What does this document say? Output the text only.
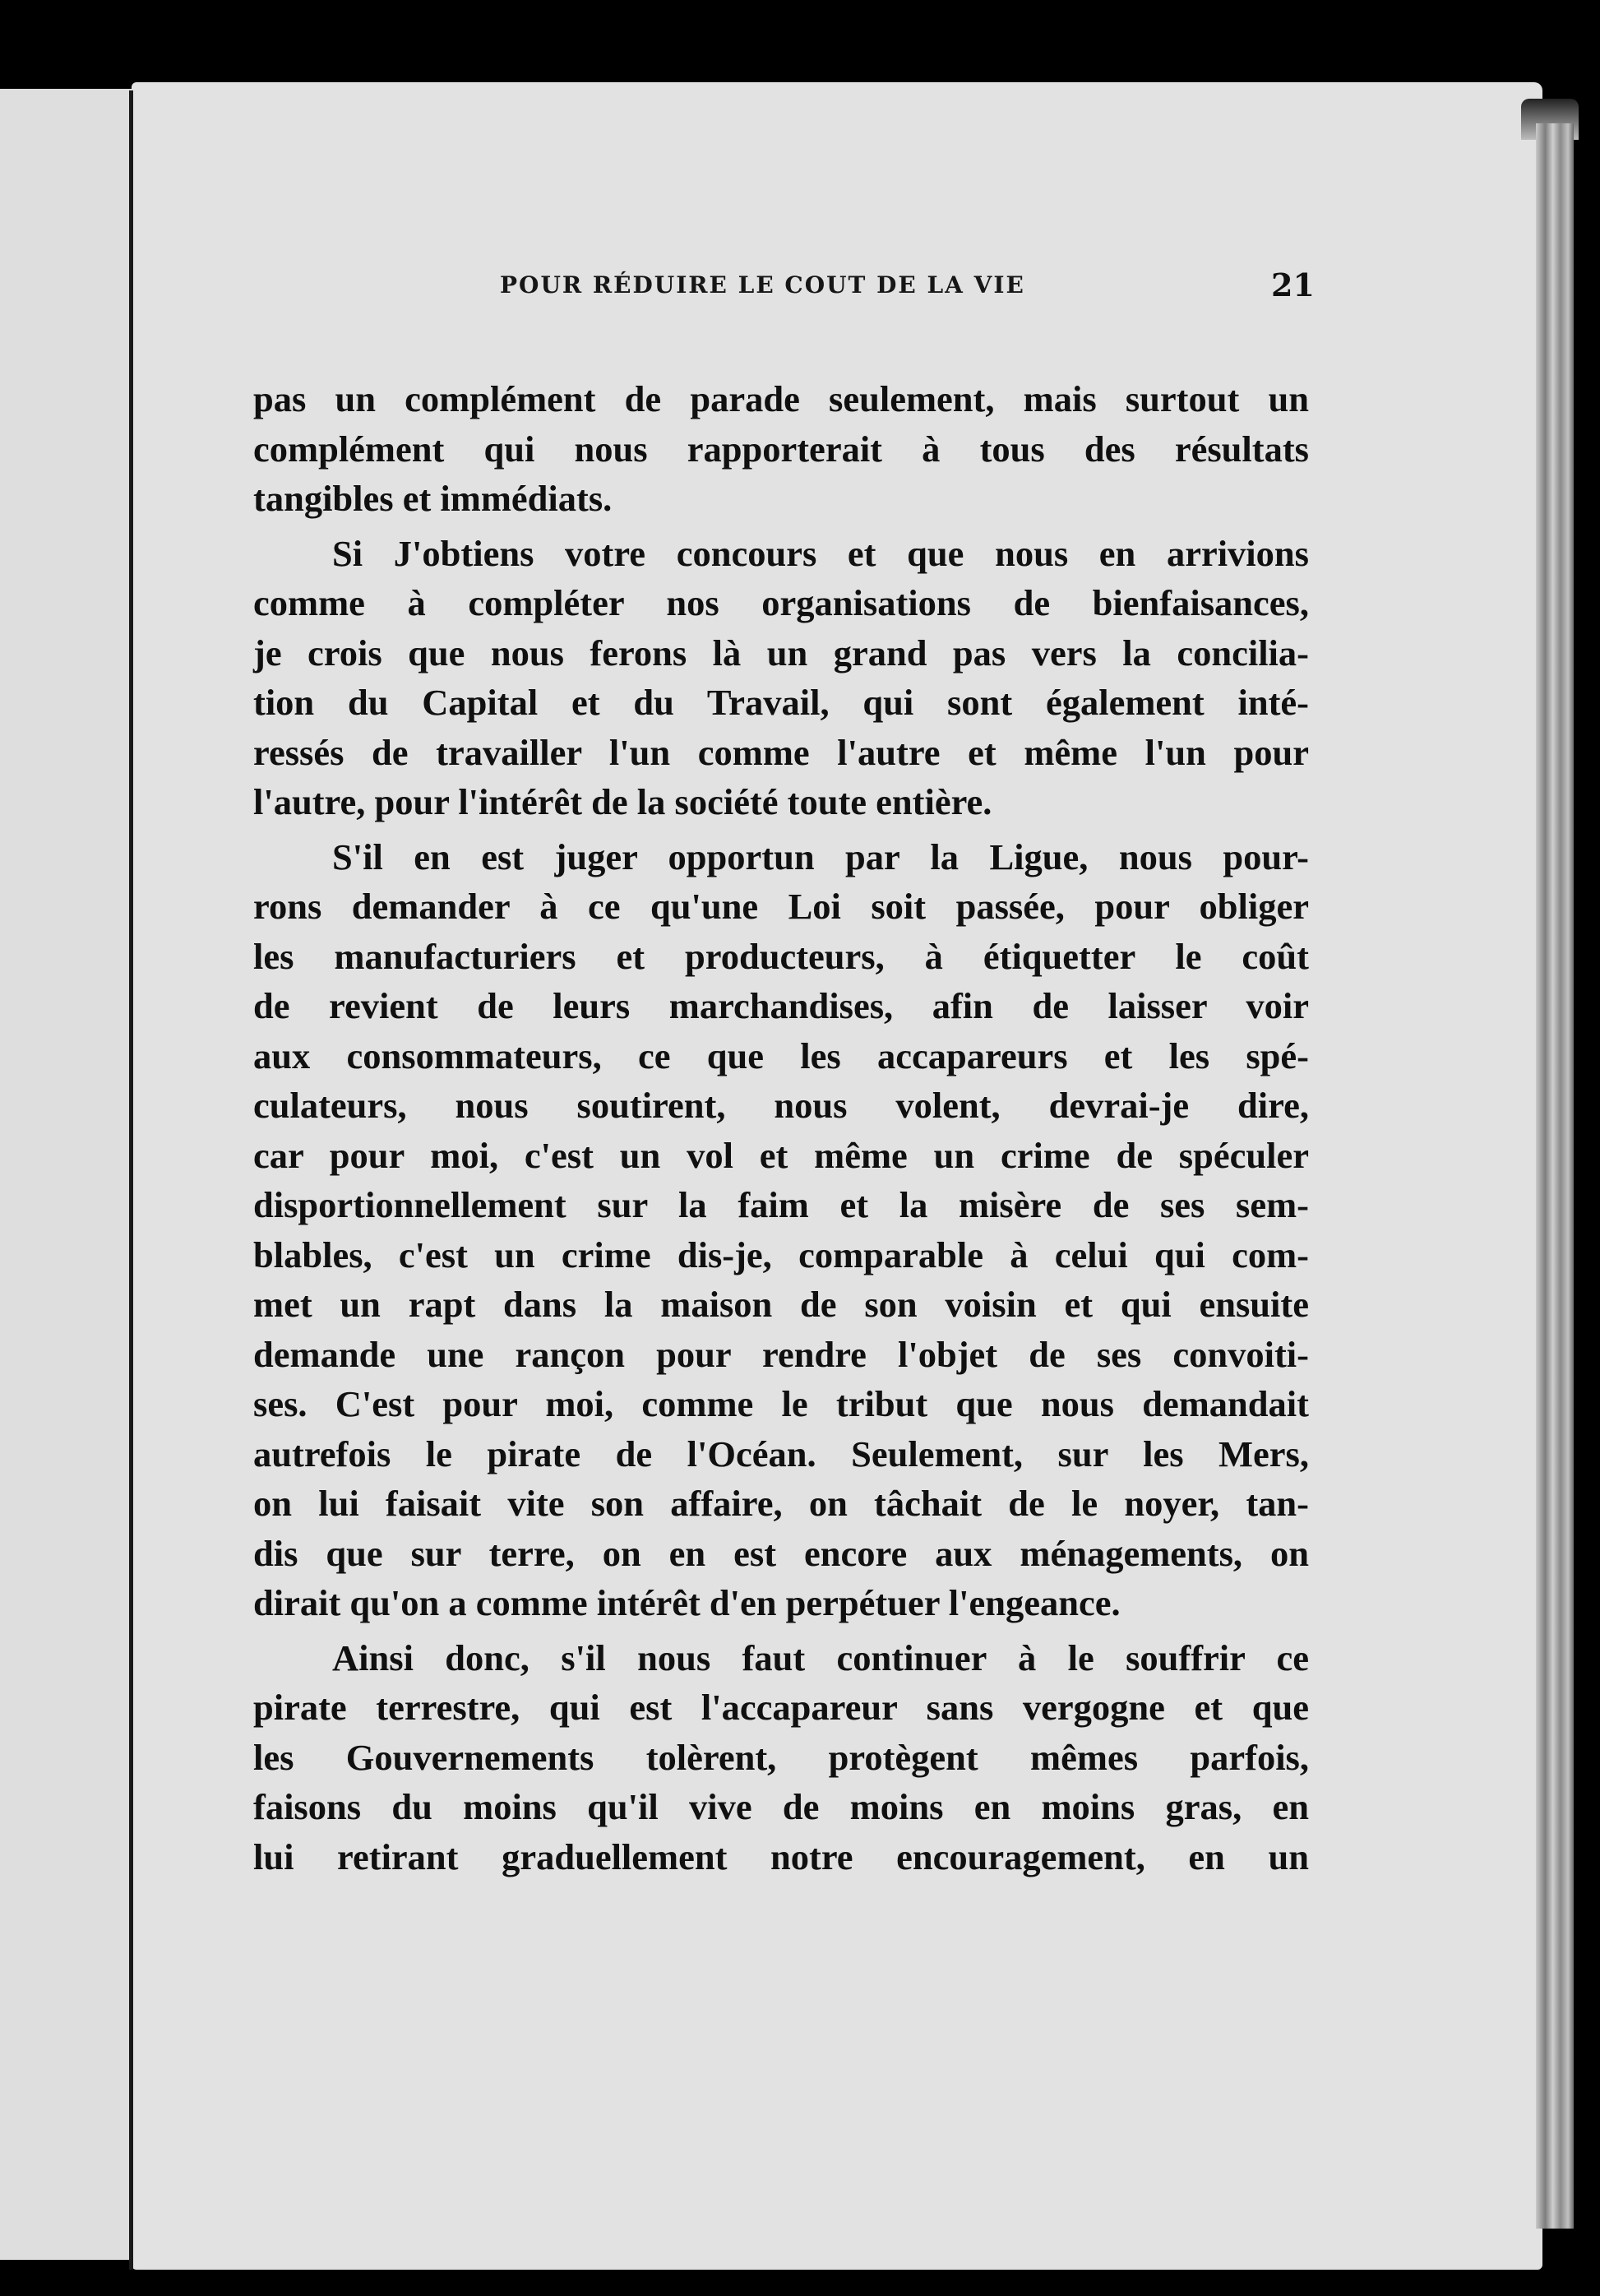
POUR RÉDUIRE LE COUT DE LA VIE	21
pas un complément de parade seulement, mais surtout un
complément qui nous rapporterait à tous des résultats
tangibles et immédiats.
Si J'obtiens votre concours et que nous en arrivions
comme à compléter nos organisations de bienfaisances,
je crois que nous ferons là un grand pas vers la concilia-
tion du Capital et du Travail, qui sont également inté-
ressés de travailler l'un comme l'autre et même l'un pour
l'autre, pour l'intérêt de la société toute entière.
S'il en est juger opportun par la Ligue, nous pour-
rons demander à ce qu'une Loi soit passée, pour obliger
les manufacturiers et producteurs, à étiquetter le coût
de revient de leurs marchandises, afin de laisser voir
aux consommateurs, ce que les accapareurs et les spé-
culateurs, nous soutirent, nous volent, devrai-je dire,
car pour moi, c'est un vol et même un crime de spéculer
disportionnellement sur la faim et la misère de ses sem-
blables, c'est un crime dis-je, comparable à celui qui com-
met un rapt dans la maison de son voisin et qui ensuite
demande une rançon pour rendre l'objet de ses convoiti-
ses. C'est pour moi, comme le tribut que nous demandait
autrefois le pirate de l'Océan. Seulement, sur les Mers,
on lui faisait vite son affaire, on tâchait de le noyer, tan-
dis que sur terre, on en est encore aux ménagements, on
dirait qu'on a comme intérêt d'en perpétuer l'engeance.
Ainsi donc, s'il nous faut continuer à le souffrir ce
pirate terrestre, qui est l'accapareur sans vergogne et que
les Gouvernements tolèrent, protègent mêmes parfois,
faisons du moins qu'il vive de moins en moins gras, en
lui retirant graduellement notre encouragement, en un
